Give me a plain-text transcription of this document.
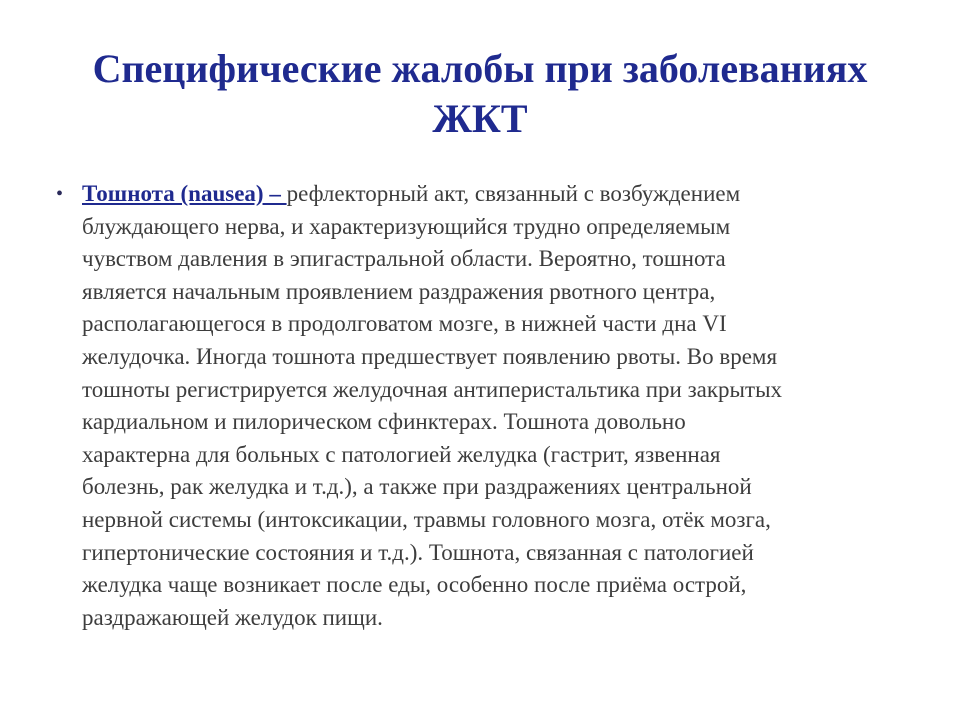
Специфические жалобы при заболеваниях
ЖКТ
• Тошнота (nausea) – рефлекторный акт, связанный с возбуждением
блуждающего нерва, и характеризующийся трудно определяемым
чувством давления в эпигастральной области. Вероятно, тошнота
является начальным проявлением раздражения рвотного центра,
располагающегося в продолговатом мозге, в нижней части дна VI
желудочка. Иногда тошнота предшествует появлению рвоты. Во время
тошноты регистрируется желудочная антиперистальтика при закрытых
кардиальном и пилорическом сфинктерах. Тошнота довольно
характерна для больных с патологией желудка (гастрит, язвенная
болезнь, рак желудка и т.д.), а также при раздражениях центральной
нервной системы (интоксикации, травмы головного мозга, отёк мозга,
гипертонические состояния и т.д.). Тошнота, связанная с патологией
желудка чаще возникает после еды, особенно после приёма острой,
раздражающей желудок пищи.
